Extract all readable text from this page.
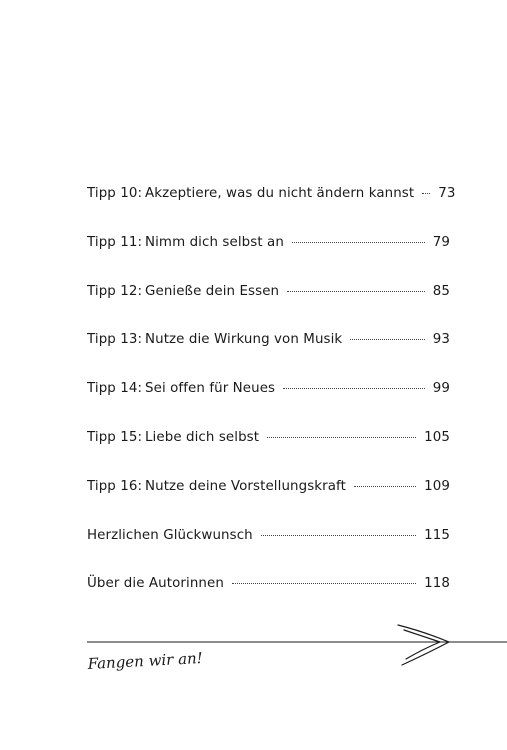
Tipp 10: Akzeptiere, was du nicht ändern kannst 73
Tipp 11: Nimm dich selbst an	79
Tipp 12: Genieße dein Essen	85
Tipp 13: Nutze die Wirkung von Musik	93
Tipp 14: Sei offen für Neues	99
Tipp 15: Liebe dich selbst	105
Tipp 16: Nutze deine Vorstellungskraft	109
Herzlichen Glückwunsch	115
Über die Autorinnen	118
Fangen wir an!
